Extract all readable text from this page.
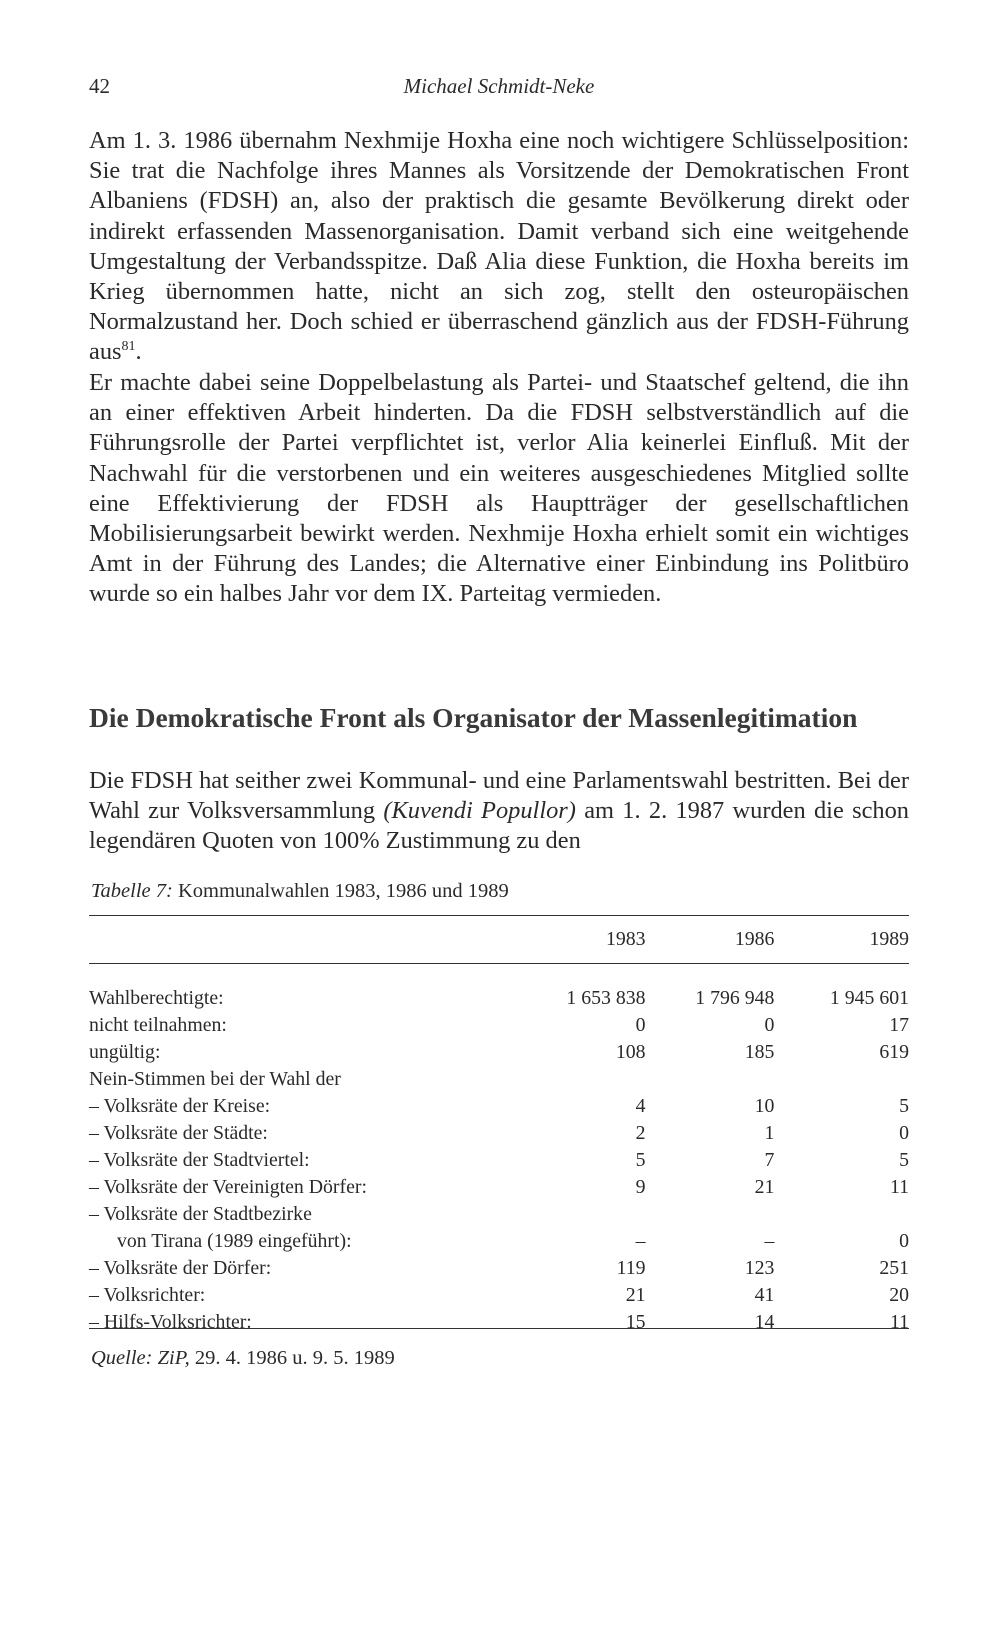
42	Michael Schmidt-Neke

Am 1. 3. 1986 übernahm Nexhmije Hoxha eine noch wichtigere Schlüsselposition: Sie trat die Nachfolge ihres Mannes als Vorsitzende der Demokratischen Front Albaniens (FDSH) an, also der praktisch die gesamte Bevölkerung direkt oder indirekt erfassenden Massenorganisation. Damit verband sich eine weitgehende Umgestaltung der Verbandsspitze. Daß Alia diese Funktion, die Hoxha bereits im Krieg übernommen hatte, nicht an sich zog, stellt den osteuropäischen Normalzustand her. Doch schied er überraschend gänzlich aus der FDSH-Führung aus$^{81}$.

Er machte dabei seine Doppelbelastung als Partei- und Staatschef geltend, die ihn an einer effektiven Arbeit hinderten. Da die FDSH selbstverständlich auf die Führungsrolle der Partei verpflichtet ist, verlor Alia keinerlei Einfluß. Mit der Nachwahl für die verstorbenen und ein weiteres ausgeschiedenes Mitglied sollte eine Effektivierung der FDSH als Hauptträger der gesellschaftlichen Mobilisierungsarbeit bewirkt werden. Nexhmije Hoxha erhielt somit ein wichtiges Amt in der Führung des Landes; die Alternative einer Einbindung ins Politbüro wurde so ein halbes Jahr vor dem IX. Parteitag vermieden.

Die Demokratische Front als Organisator der Massenlegitimation

Die FDSH hat seither zwei Kommunal- und eine Parlamentswahl bestritten. Bei der Wahl zur Volksversammlung (Kuvendi Popullor) am 1. 2. 1987 wurden die schon legendären Quoten von 100% Zustimmung zu den

Tabelle 7: Kommunalwahlen 1983, 1986 und 1989

	1983	1986	1989

Wahlberechtigte:	1 653 838	1 796 948	1 945 601
nicht teilnahmen:	0	0	17
ungültig:	108	185	619
Nein-Stimmen bei der Wahl der			
– Volksräte der Kreise:	4	10	5
– Volksräte der Städte:	2	1	0
– Volksräte der Stadtviertel:	5	7	5
– Volksräte der Vereinigten Dörfer:	9	21	11
– Volksräte der Stadtbezirke			
von Tirana (1989 eingeführt):	–	–	0
– Volksräte der Dörfer:	119	123	251
– Volksrichter:	21	41	20
– Hilfs-Volksrichter:	15	14	11

Quelle: ZiP, 29. 4. 1986 u. 9. 5. 1989
